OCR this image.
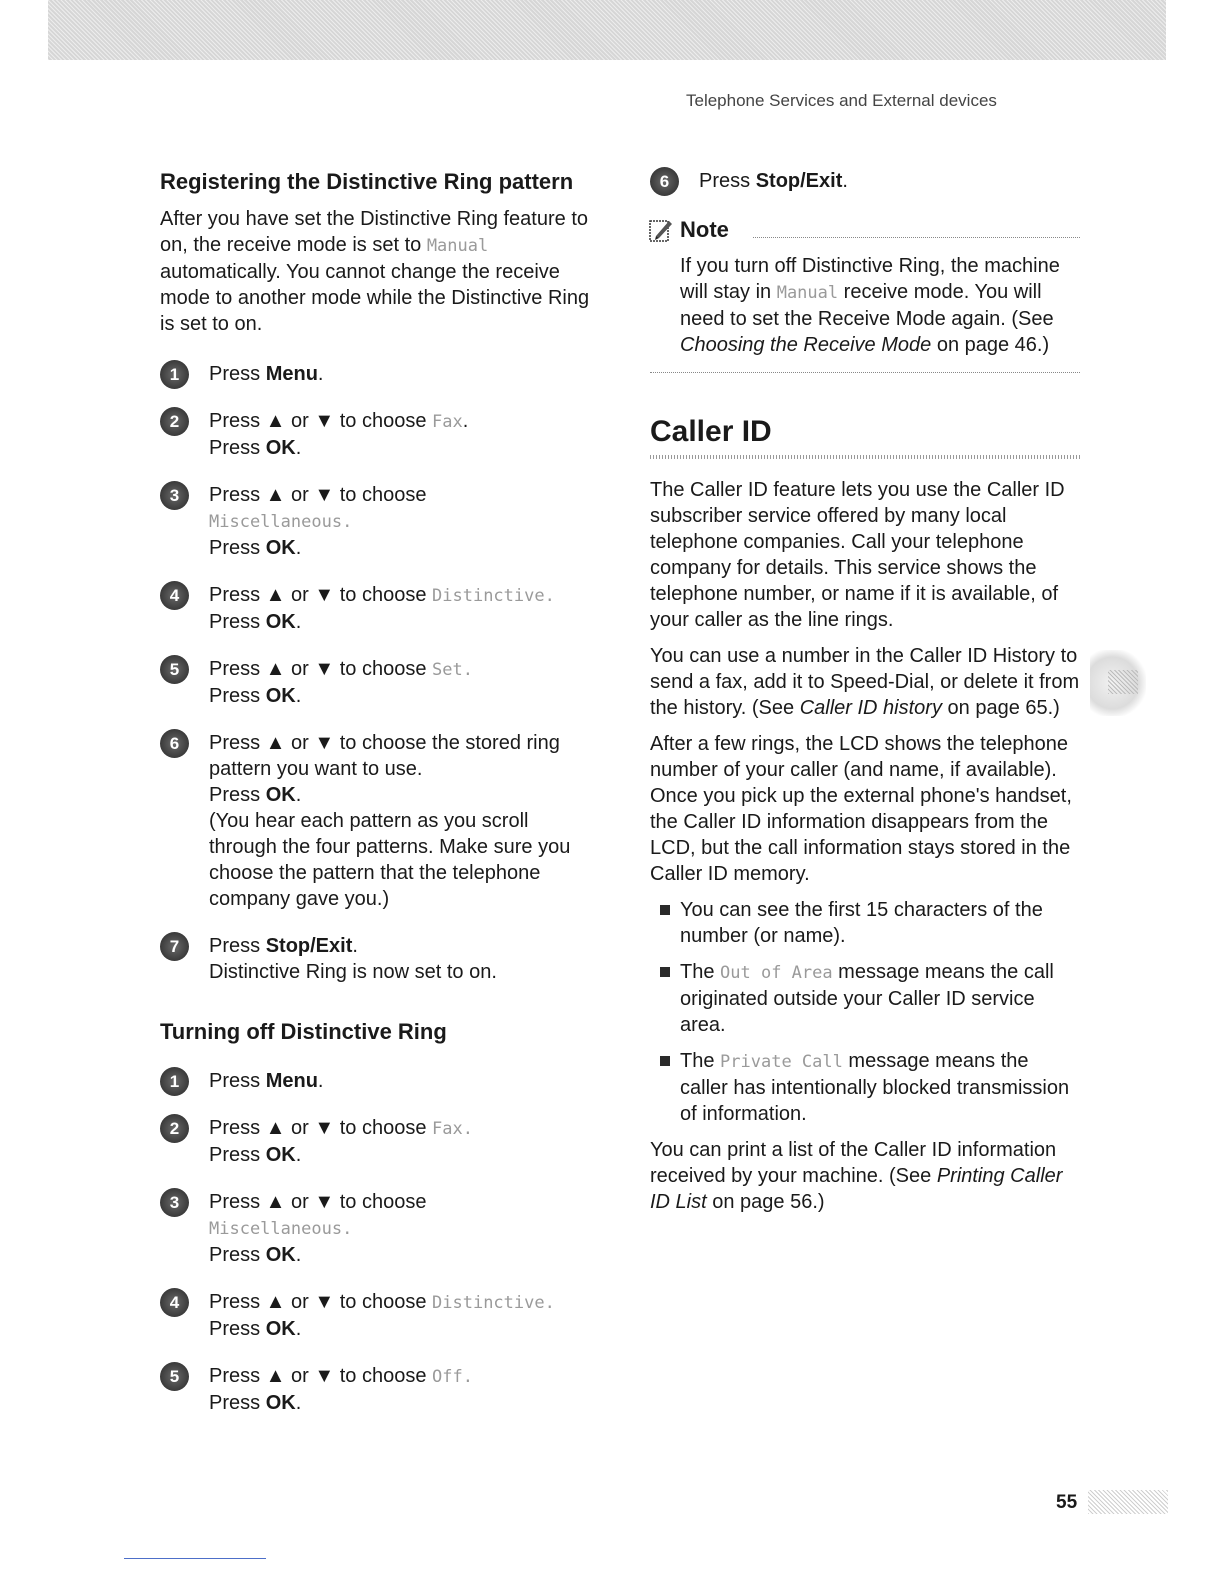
Telephone Services and External devices
Registering the Distinctive Ring pattern

After you have set the Distinctive Ring feature to on, the receive mode is set to Manual automatically. You cannot change the receive mode to another mode while the Distinctive Ring is set to on.

1	Press Menu.
2	Press ▲ or ▼ to choose Fax.
Press OK.
3	Press ▲ or ▼ to choose
Miscellaneous.
Press OK.
4	Press ▲ or ▼ to choose Distinctive.
Press OK.
5	Press ▲ or ▼ to choose Set.
Press OK.
6	Press ▲ or ▼ to choose the stored ring pattern you want to use.
Press OK.
(You hear each pattern as you scroll through the four patterns. Make sure you choose the pattern that the telephone company gave you.)
7	Press Stop/Exit.
Distinctive Ring is now set to on.
Turning off Distinctive Ring
1	Press Menu.
2	Press ▲ or ▼ to choose Fax.
Press OK.
3	Press ▲ or ▼ to choose
Miscellaneous.
Press OK.
4	Press ▲ or ▼ to choose Distinctive.
Press OK.
5	Press ▲ or ▼ to choose Off.
Press OK.
6	Press Stop/Exit.
Note

If you turn off Distinctive Ring, the machine will stay in Manual receive mode. You will need to set the Receive Mode again. (See Choosing the Receive Mode on page 46.)

Caller ID

The Caller ID feature lets you use the Caller ID subscriber service offered by many local telephone companies. Call your telephone company for details. This service shows the telephone number, or name if it is available, of your caller as the line rings.

You can use a number in the Caller ID History to send a fax, add it to Speed-Dial, or delete it from the history. (See Caller ID history on page 65.)

After a few rings, the LCD shows the telephone number of your caller (and name, if available). Once you pick up the external phone's handset, the Caller ID information disappears from the LCD, but the call information stays stored in the Caller ID memory.

You can see the first 15 characters of the number (or name).
The Out of Area message means the call originated outside your Caller ID service area.
The Private Call message means the caller has intentionally blocked transmission of information.

You can print a list of the Caller ID information received by your machine. (See Printing Caller ID List on page 56.)

55
